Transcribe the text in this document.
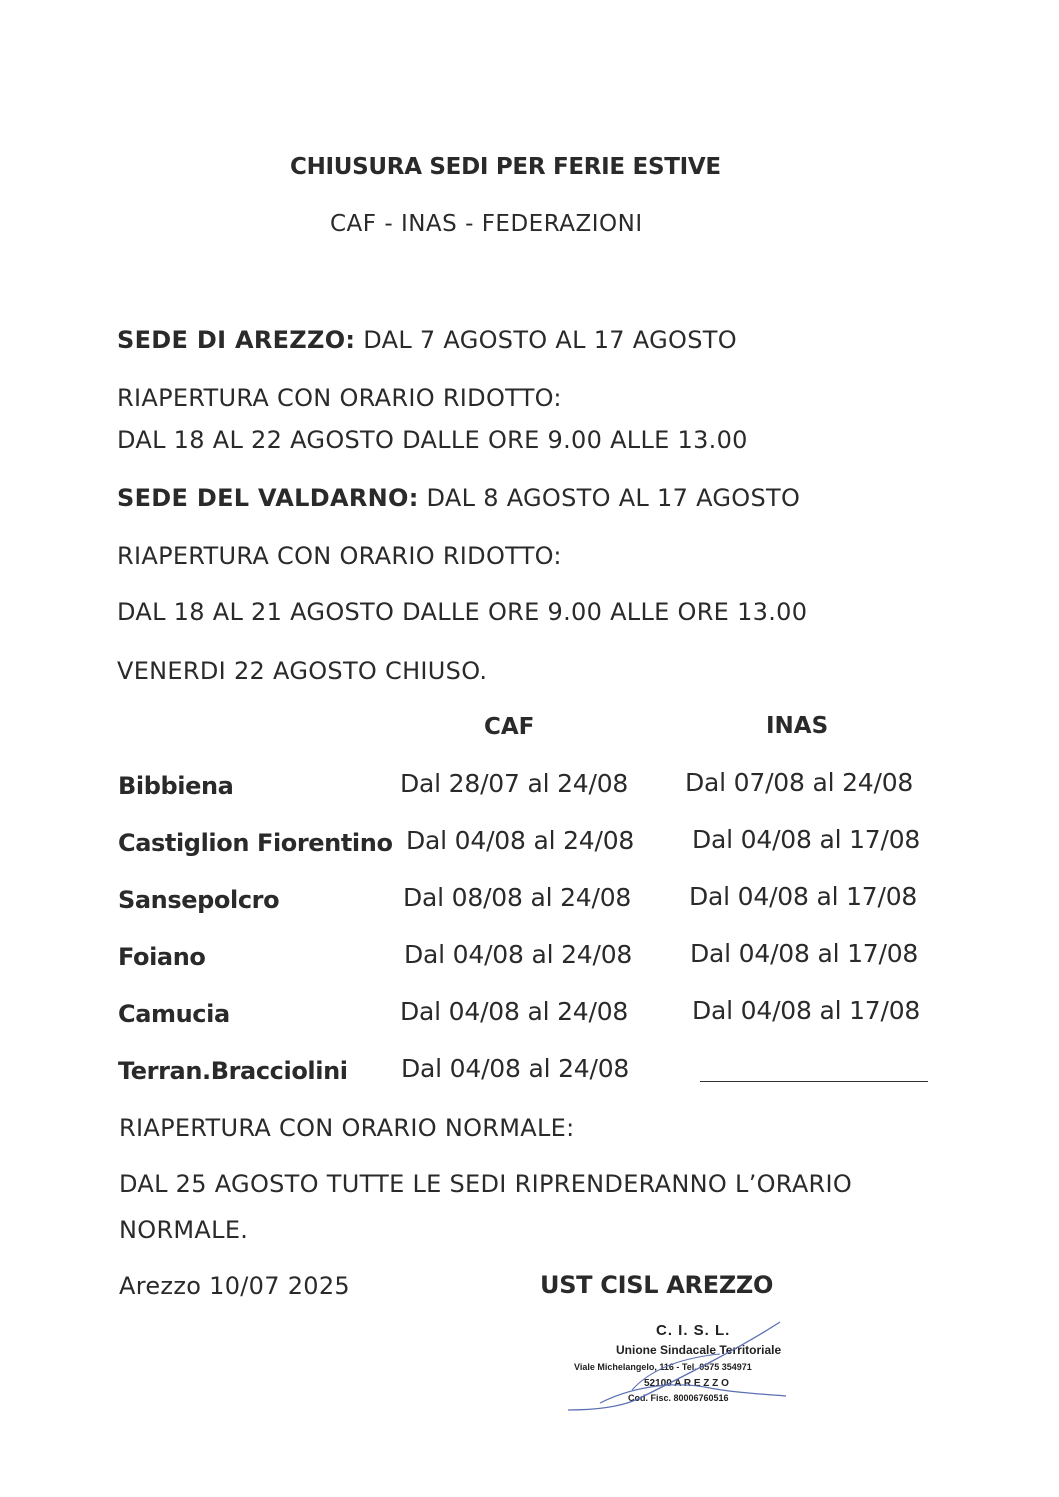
CHIUSURA SEDI PER FERIE ESTIVE
CAF - INAS - FEDERAZIONI
SEDE DI AREZZO: DAL 7 AGOSTO AL 17 AGOSTO
RIAPERTURA CON ORARIO RIDOTTO:
DAL 18 AL 22 AGOSTO DALLE ORE 9.00 ALLE 13.00
SEDE DEL VALDARNO: DAL 8 AGOSTO AL 17 AGOSTO
RIAPERTURA CON ORARIO RIDOTTO:
DAL 18 AL 21 AGOSTO DALLE ORE 9.00 ALLE ORE 13.00
VENERDI 22 AGOSTO CHIUSO.
CAF	INAS
Bibbiena	Dal 28/07 al 24/08 Dal 07/08 al 24/08
Castiglion Fiorentino Dal 04/08 al 24/08 Dal 04/08 al 17/08
Sansepolcro	Dal 08/08 al 24/08 Dal 04/08 al 17/08
Foiano	Dal 04/08 al 24/08 Dal 04/08 al 17/08
Camucia	Dal 04/08 al 24/08	Dal 04/08 al 17/08
Terran.Bracciolini Dal 04/08 al 24/08
RIAPERTURA CON ORARIO NORMALE:
DAL 25 AGOSTO TUTTE LE SEDI RIPRENDERANNO L’ORARIO
NORMALE.
Arezzo 10/07 2025	UST CISL AREZZO
C. I. S. L.
Unione Sindacale Territoriale
Viale Michelangelo, 116 - Tel. 0575 354971
52100 A R E Z Z O
Cod. Fisc. 80006760516
